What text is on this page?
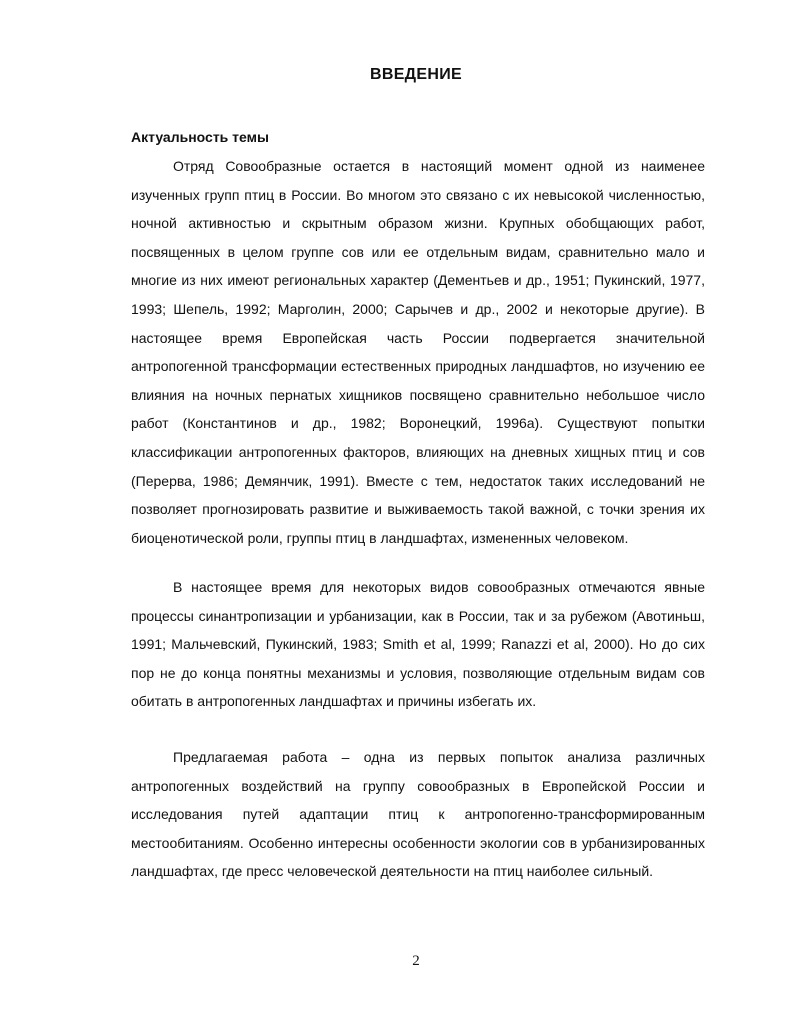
ВВЕДЕНИЕ
Актуальность темы

Отряд Совообразные остается в настоящий момент одной из наименее изученных групп птиц в России. Во многом это связано с их невысокой численностью, ночной активностью и скрытным образом жизни. Крупных обобщающих работ, посвященных в целом группе сов или ее отдельным видам, сравнительно мало и многие из них имеют региональных характер (Дементьев и др., 1951; Пукинский, 1977, 1993; Шепель, 1992; Марголин, 2000; Сарычев и др., 2002 и некоторые другие). В настоящее время Европейская часть России подвергается значительной антропогенной трансформации естественных природных ландшафтов, но изучению ее влияния на ночных пернатых хищников посвящено сравнительно небольшое число работ (Константинов и др., 1982; Воронецкий, 1996а). Существуют попытки классификации антропогенных факторов, влияющих на дневных хищных птиц и сов (Перерва, 1986; Демянчик, 1991). Вместе с тем, недостаток таких исследований не позволяет прогнозировать развитие и выживаемость такой важной, с точки зрения их биоценотической роли, группы птиц в ландшафтах, измененных человеком.

В настоящее время для некоторых видов совообразных отмечаются явные процессы синантропизации и урбанизации, как в России, так и за рубежом (Авотиньш, 1991; Мальчевский, Пукинский, 1983; Smith et al, 1999; Ranazzi et al, 2000). Но до сих пор не до конца понятны механизмы и условия, позволяющие отдельным видам сов обитать в антропогенных ландшафтах и причины избегать их.

Предлагаемая работа – одна из первых попыток анализа различных антропогенных воздействий на группу совообразных в Европейской России и исследования путей адаптации птиц к антропогенно-трансформированным местообитаниям. Особенно интересны особенности экологии сов в урбанизированных ландшафтах, где пресс человеческой деятельности на птиц наиболее сильный.

2
